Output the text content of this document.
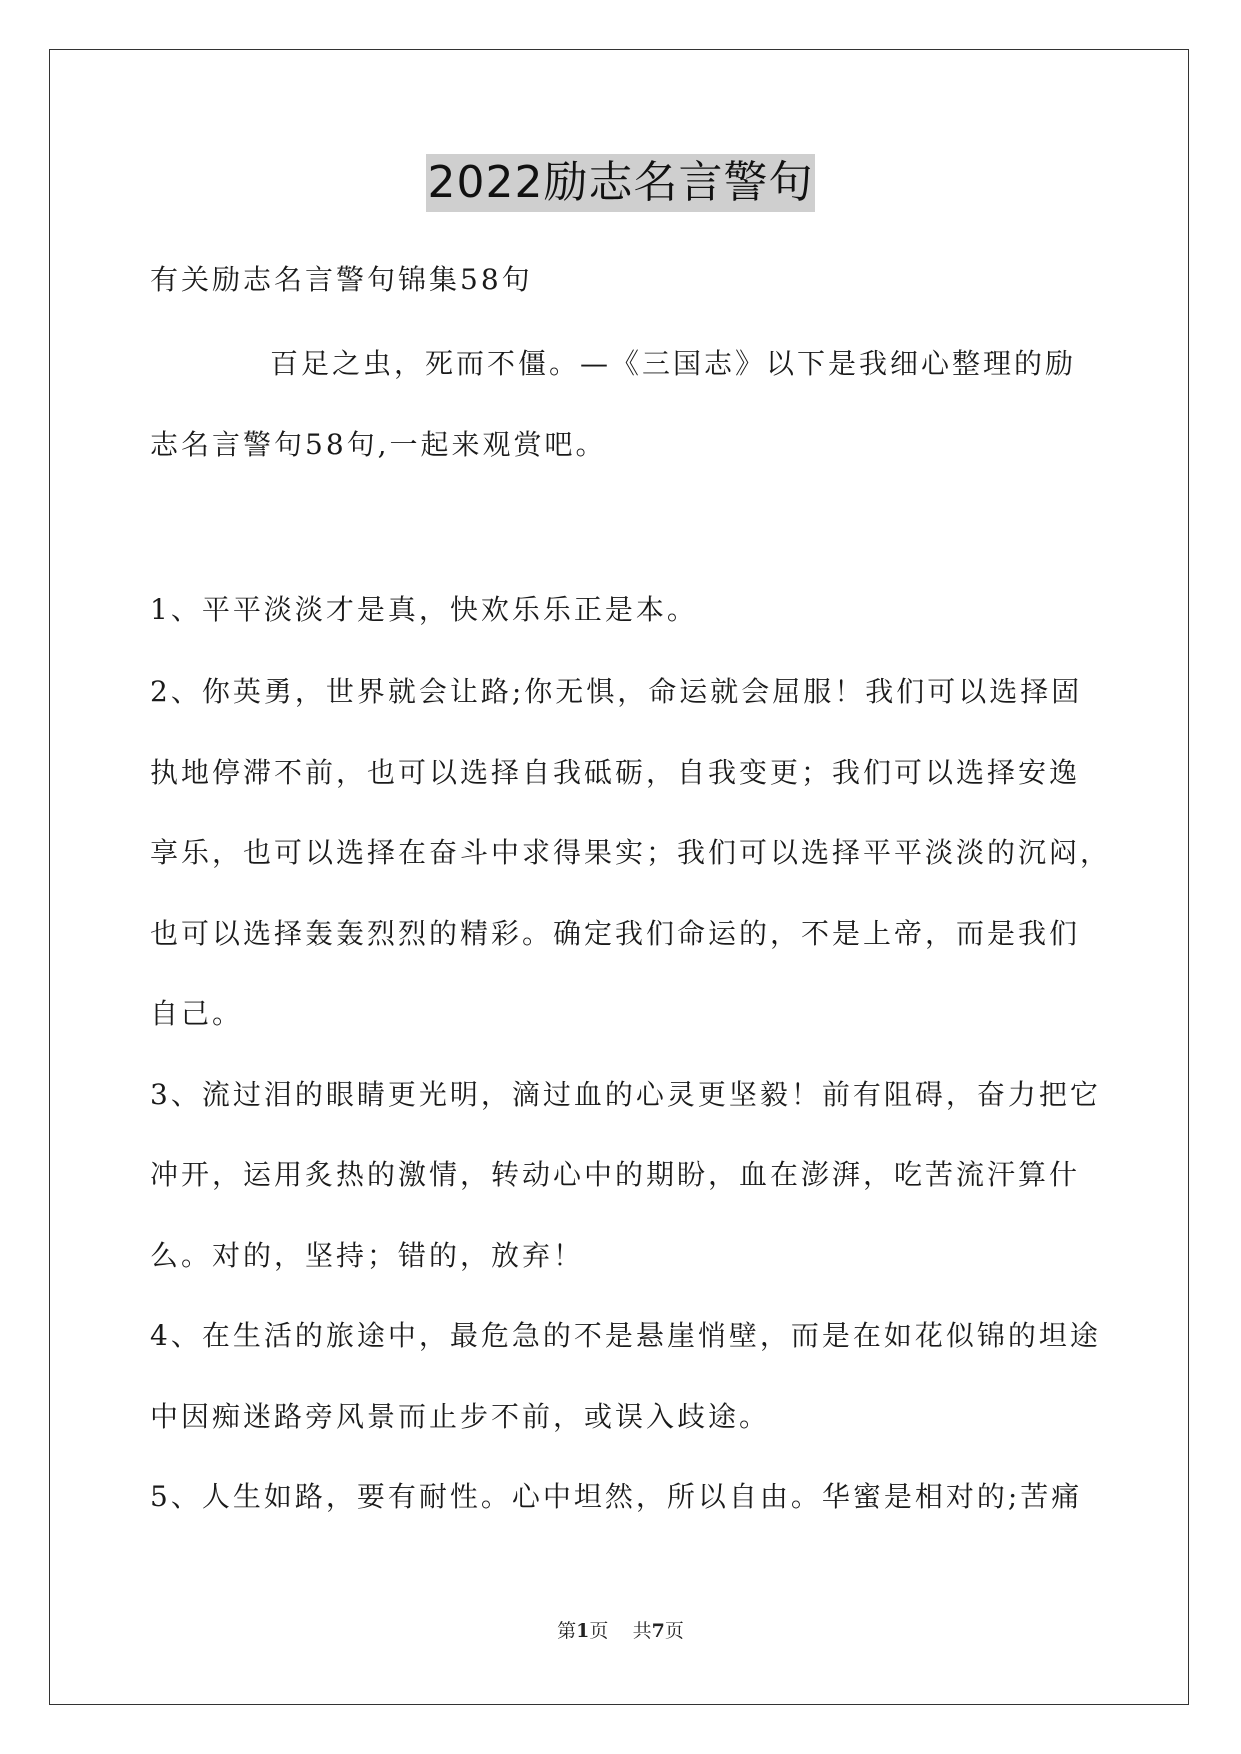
2022励志名言警句
有关励志名言警句锦集58句
百足之虫，死而不僵。—《三国志》以下是我细心整理的励
志名言警句58句,一起来观赏吧。
1、平平淡淡才是真，快欢乐乐正是本。
2、你英勇，世界就会让路;你无惧，命运就会屈服！我们可以选择固
执地停滞不前，也可以选择自我砥砺，自我变更；我们可以选择安逸
享乐，也可以选择在奋斗中求得果实；我们可以选择平平淡淡的沉闷，
也可以选择轰轰烈烈的精彩。确定我们命运的，不是上帝，而是我们
自己。
3、流过泪的眼睛更光明，滴过血的心灵更坚毅！前有阻碍，奋力把它
冲开，运用炙热的激情，转动心中的期盼，血在澎湃，吃苦流汗算什
么。对的，坚持；错的，放弃！
4、在生活的旅途中，最危急的不是悬崖悄壁，而是在如花似锦的坦途
中因痴迷路旁风景而止步不前，或误入歧途。
5、人生如路，要有耐性。心中坦然，所以自由。华蜜是相对的;苦痛
第1页 共7页
